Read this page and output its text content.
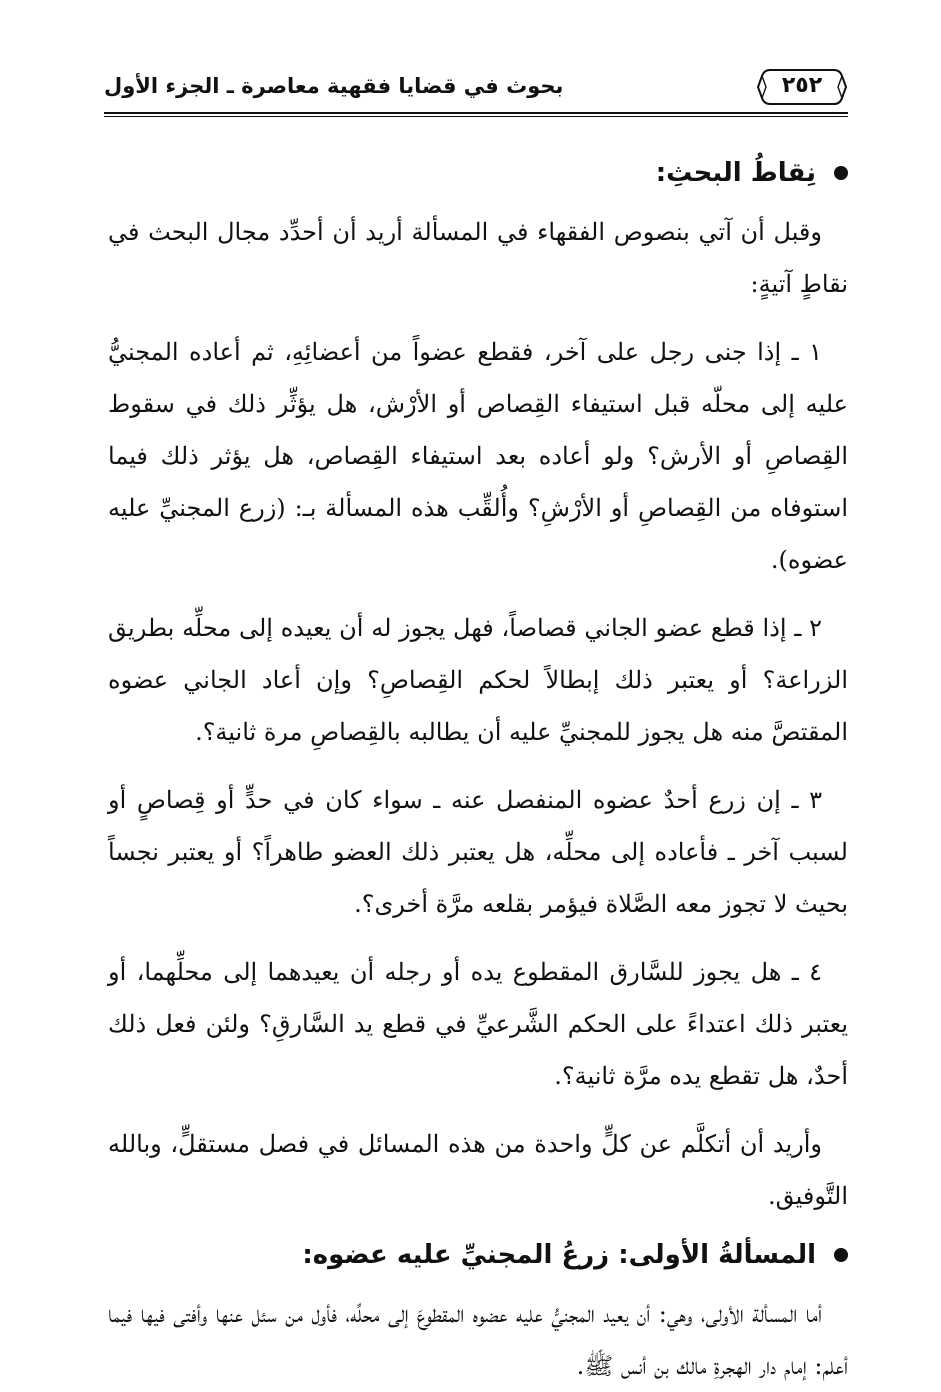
٢٥٢
بحوث في قضايا فقهية معاصرة ـ الجزء الأول
نِقاطُ البحثِ:

وقبل أن آتي بنصوص الفقهاء في المسألة أريد أن أحدِّد مجال البحث في نقاطٍ آتيةٍ:

١ ـ إذا جنى رجل على آخر، فقطع عضواً من أعضائِهِ، ثم أعاده المجنيُّ عليه إلى محلّه قبل استيفاء القِصاص أو الأرْش، هل يؤثِّر ذلك في سقوط القِصاصِ أو الأرش؟ ولو أعاده بعد استيفاء القِصاص، هل يؤثر ذلك فيما استوفاه من القِصاصِ أو الأرْشِ؟ وأُلقِّب هذه المسألة بـ: (زرع المجنيِّ عليه عضوه).

٢ ـ إذا قطع عضو الجاني قصاصاً، فهل يجوز له أن يعيده إلى محلِّه بطريق الزراعة؟ أو يعتبر ذلك إبطالاً لحكم القِصاصِ؟ وإن أعاد الجاني عضوه المقتصَّ منه هل يجوز للمجنيِّ عليه أن يطالبه بالقِصاصِ مرة ثانية؟.

٣ ـ إن زرع أحدٌ عضوه المنفصل عنه ـ سواء كان في حدٍّ أو قِصاصٍ أو لسبب آخر ـ فأعاده إلى محلِّه، هل يعتبر ذلك العضو طاهراً؟ أو يعتبر نجساً بحيث لا تجوز معه الصَّلاة فيؤمر بقلعه مرَّة أخرى؟.

٤ ـ هل يجوز للسَّارق المقطوع يده أو رجله أن يعيدهما إلى محلِّهما، أو يعتبر ذلك اعتداءً على الحكم الشَّرعيِّ في قطع يد السَّارقِ؟ ولئن فعل ذلك أحدٌ، هل تقطع يده مرَّة ثانية؟.

وأريد أن أتكلَّم عن كلٍّ واحدة من هذه المسائل في فصل مستقلٍّ، وبالله التَّوفيق.

المسألةُ الأولى: زرعُ المجنيِّ عليه عضوه:

أما المسألة الأولى، وهي: أن يعيد المجنيُّ عليه عضوه المقطوعَ إلى محلِّه، فأول من سئل عنها وأفتى فيها فيما أعلم: إمام دار الهجرةِ مالك بن أنس ﷺ.
